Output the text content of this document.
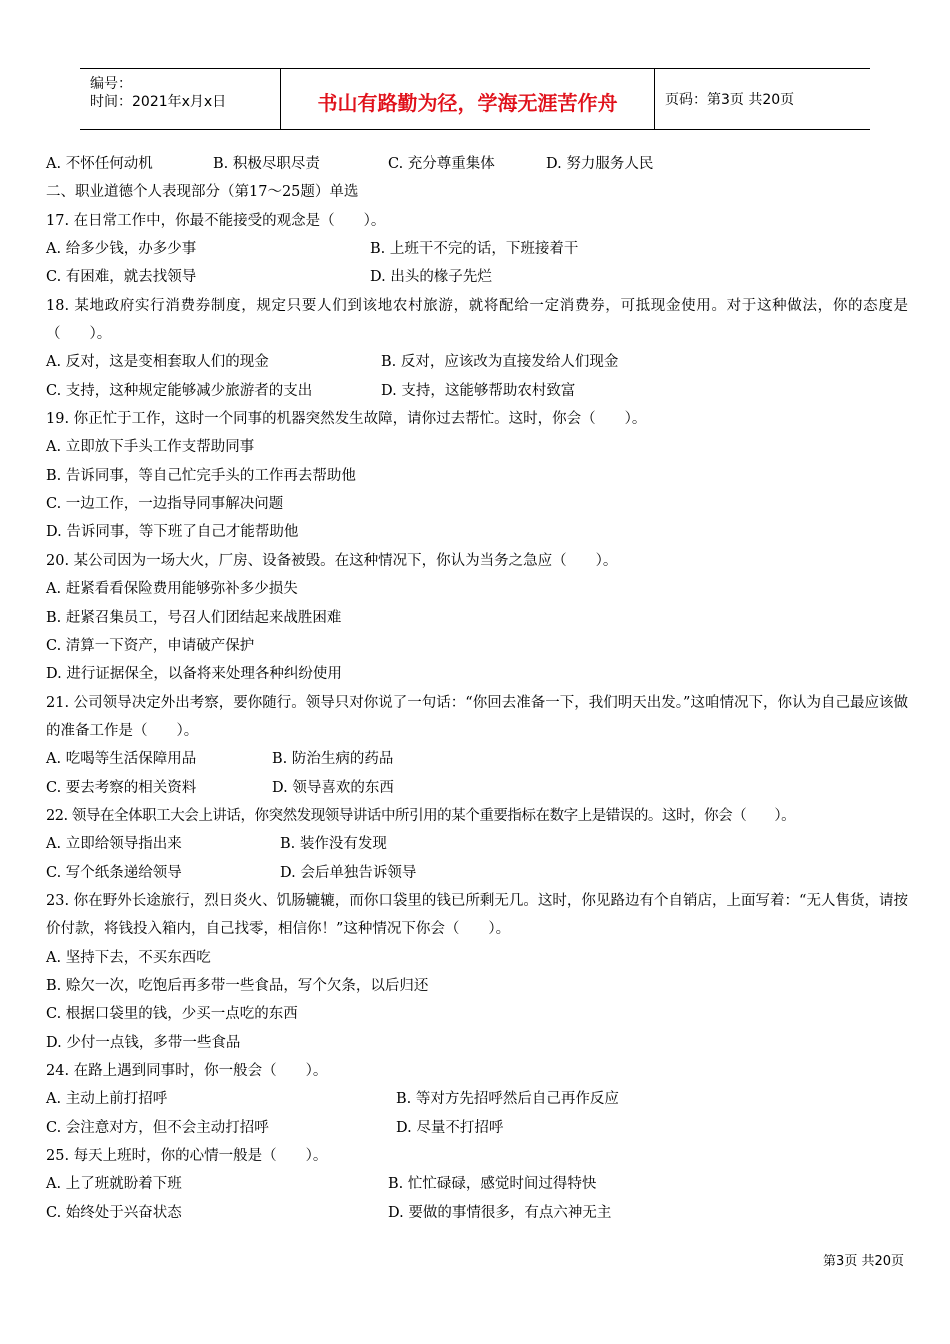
编号：
时间：2021年x月x日	书山有路勤为径，学海无涯苦作舟	页码：第3页 共20页
A. 不怀任何动机	B. 积极尽职尽责	C. 充分尊重集体	D. 努力服务人民
二、职业道德个人表现部分（第17～25题）单选
17. 在日常工作中，你最不能接受的观念是（　　）。
A. 给多少钱，办多少事	B. 上班干不完的话，下班接着干
C. 有困难，就去找领导	D. 出头的椽子先烂
18. 某地政府实行消费券制度，规定只要人们到该地农村旅游，就将配给一定消费券，可抵现金使用。对于这种做法，你的态度是（　　）。
A. 反对，这是变相套取人们的现金	B. 反对，应该改为直接发给人们现金
C. 支持，这种规定能够减少旅游者的支出	D. 支持，这能够帮助农村致富
19. 你正忙于工作，这时一个同事的机器突然发生故障，请你过去帮忙。这时，你会（　　）。
A. 立即放下手头工作支帮助同事
B. 告诉同事，等自己忙完手头的工作再去帮助他
C. 一边工作，一边指导同事解决问题
D. 告诉同事，等下班了自己才能帮助他
20. 某公司因为一场大火，厂房、设备被毁。在这种情况下，你认为当务之急应（　　）。
A. 赶紧看看保险费用能够弥补多少损失
B. 赶紧召集员工，号召人们团结起来战胜困难
C. 清算一下资产，申请破产保护
D. 进行证据保全，以备将来处理各种纠纷使用
21. 公司领导决定外出考察，要你随行。领导只对你说了一句话：“你回去准备一下，我们明天出发。”这咱情况下，你认为自己最应该做的准备工作是（　　）。
A. 吃喝等生活保障用品	B. 防治生病的药品
C. 要去考察的相关资料	D. 领导喜欢的东西
22. 领导在全体职工大会上讲话，你突然发现领导讲话中所引用的某个重要指标在数字上是错误的。这时，你会（　　）。
A. 立即给领导指出来	B. 装作没有发现
C. 写个纸条递给领导	D. 会后单独告诉领导
23. 你在野外长途旅行，烈日炎火、饥肠辘辘，而你口袋里的钱已所剩无几。这时，你见路边有个自销店，上面写着：“无人售货，请按价付款，将钱投入箱内，自己找零，相信你！”这种情况下你会（　　）。
A. 坚持下去，不买东西吃
B. 赊欠一次，吃饱后再多带一些食品，写个欠条，以后归还
C. 根据口袋里的钱，少买一点吃的东西
D. 少付一点钱，多带一些食品
24. 在路上遇到同事时，你一般会（　　）。
A. 主动上前打招呼	B. 等对方先招呼然后自己再作反应
C. 会注意对方，但不会主动打招呼	D. 尽量不打招呼
25. 每天上班时，你的心情一般是（　　）。
A. 上了班就盼着下班	B. 忙忙碌碌，感觉时间过得特快
C. 始终处于兴奋状态	D. 要做的事情很多，有点六神无主
第3页 共20页
